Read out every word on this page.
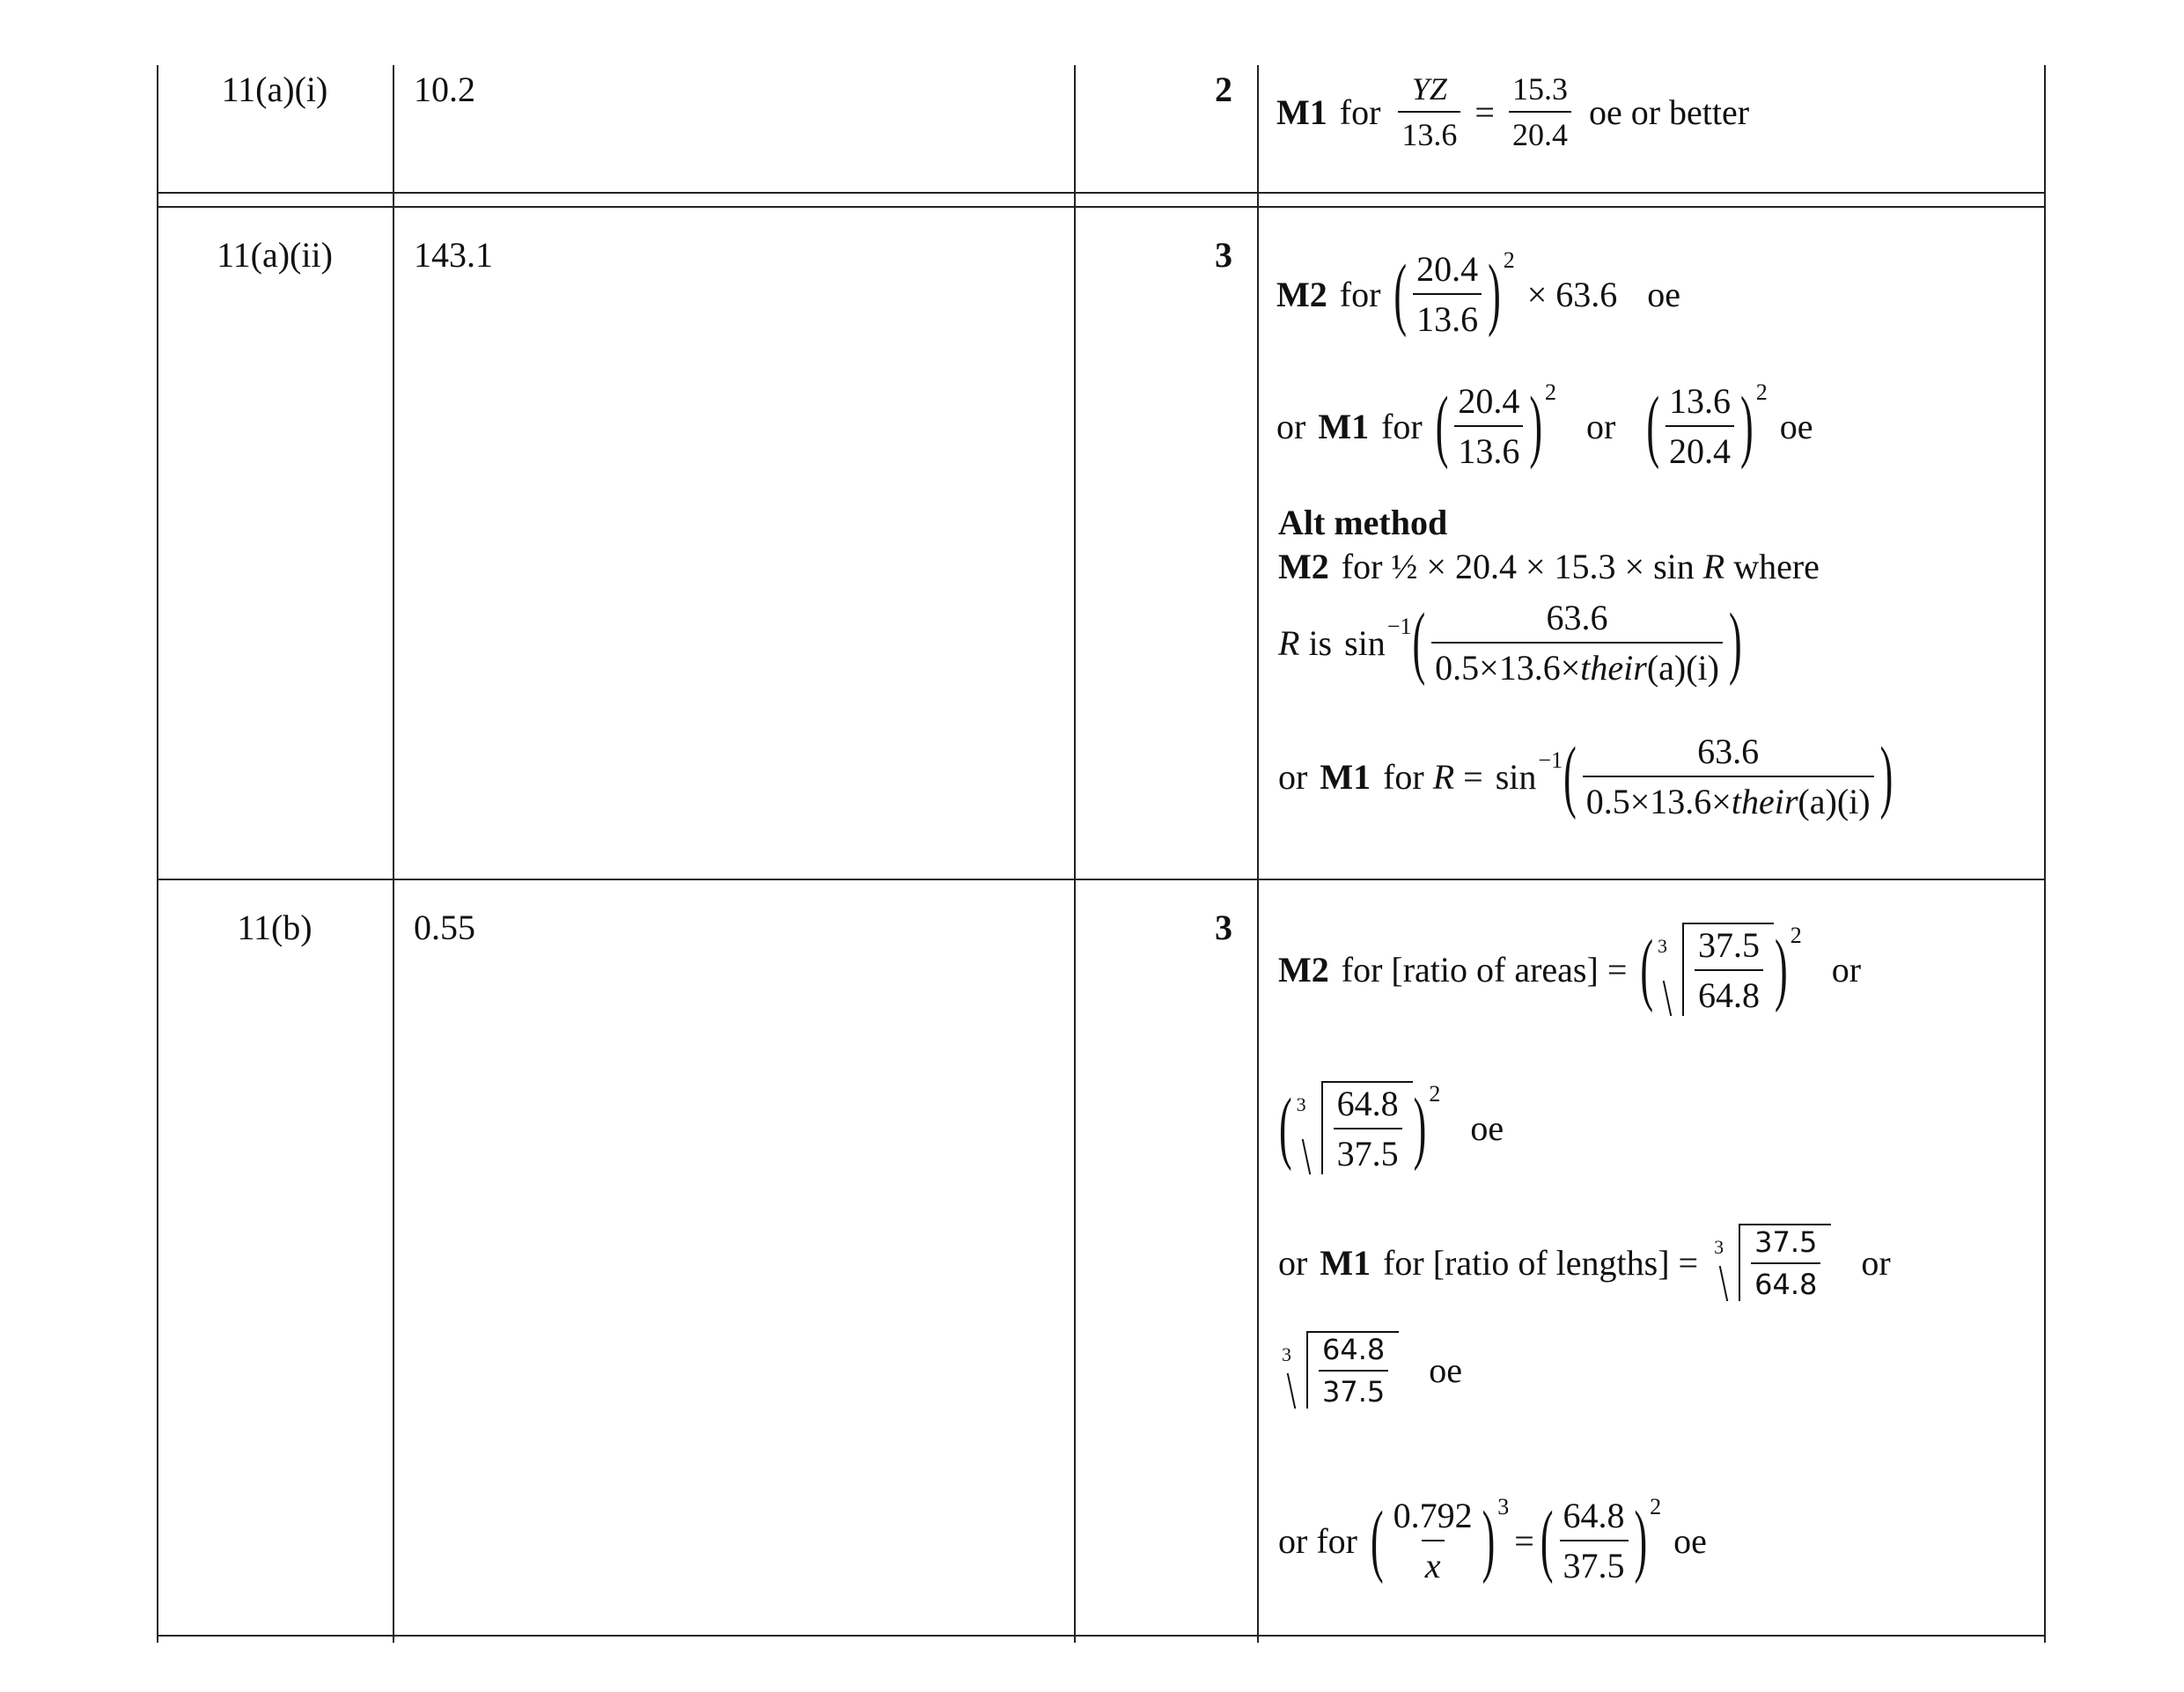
11(a)(i)	10.2	2
M1 for $\frac{YZ}{13.6} = \frac{15.3}{20.4}$ oe or better
11(a)(ii)	143.1	3
M2 for ( $\frac{20.4}{13.6}$ ) 2
× 63.6 oe
or M1 for ( $\frac{20.4}{13.6}$ ) 2
or ( $\frac{13.6}{20.4}$ ) 2
oe
Alt method
M2 for ½ × 20.4 × 15.3 × sin
R
where
R
is sin −1 ( $\frac{63.6}{\text{0.5×13.6×their(a)(i)}}$ )
or M1 for
R
= sin −1 ( $\frac{63.6}{\text{0.5×13.6×their(a)(i)}}$ )
11(b)	0.55	3
M2 for [ratio of areas] = ( $3 \frac{37.5}{64.8}$ ) 2
or
( $3 \frac{64.8}{37.5}$ ) 2
oe
or M1 for [ratio of lengths] = $3 \frac{37.5}{64.8}$ or
$3 \frac{64.8}{37.5}$ oe
or for ( $\frac{0.792}{x}$ ) 3
= ( $\frac{64.8}{37.5}$ ) 2
oe
